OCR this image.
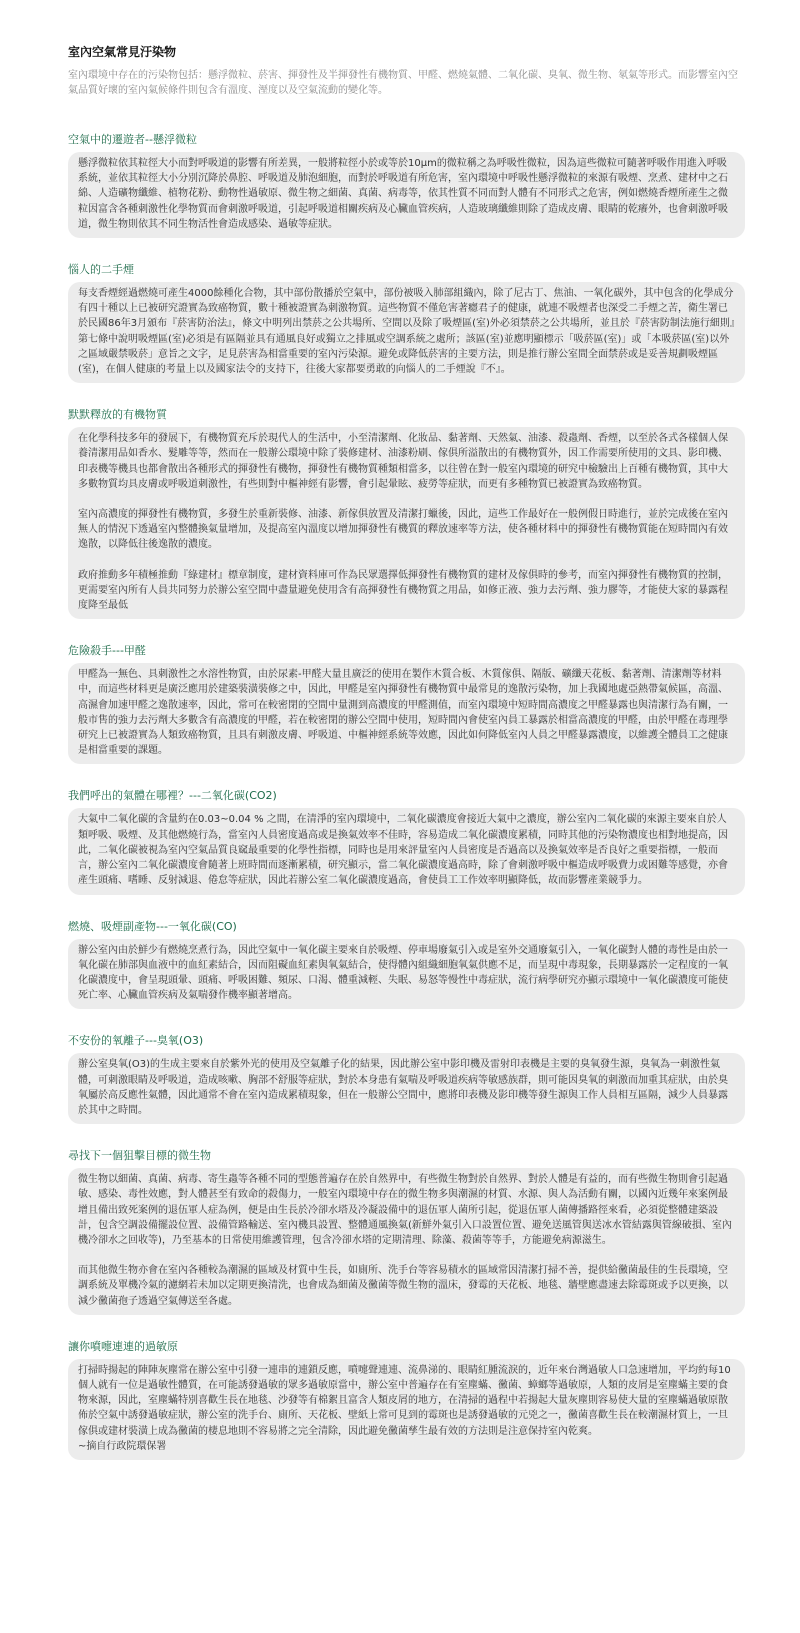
室內空氣常見汙染物
室內環境中存在的污染物包括：懸浮微粒、菸害、揮發性及半揮發性有機物質、甲醛、燃燒氣體、二氧化碳、臭氧、微生物、氡氣等形式。而影響室內空氣品質好壞的室內氣候條件則包含有溫度、溼度以及空氣流動的變化等。
空氣中的遷遊者--懸浮微粒

懸浮微粒依其粒徑大小而對呼吸道的影響有所差異，一般將粒徑小於或等於10μm的微粒稱之為呼吸性微粒，因為這些微粒可隨著呼吸作用進入呼吸系統，並依其粒徑大小分別沉降於鼻腔、呼吸道及肺泡細胞，而對於呼吸道有所危害，室內環境中呼吸性懸浮微粒的來源有吸煙、烹煮、建材中之石綿、人造礦物纖維、植物花粉、動物性過敏原、微生物之細菌、真菌、病毒等，依其性質不同而對人體有不同形式之危害，例如燃燒香煙所產生之微粒因富含各種刺激性化學物質而會刺激呼吸道，引起呼吸道相關疾病及心臟血管疾病，人造玻璃纖維則除了造成皮膚、眼睛的乾癢外，也會刺激呼吸道，微生物則依其不同生物活性會造成感染、過敏等症狀。

惱人的二手煙

每支香煙經過燃燒可產生4000餘種化合物，其中部份散播於空氣中，部份被吸入肺部組織內，除了尼古丁、焦油、一氧化碳外，其中包含的化學成分有四十種以上已被研究證實為致癌物質，數十種被證實為刺激物質。這些物質不僅危害著癮君子的健康，就連不吸煙者也深受二手煙之苦，衛生署已於民國86年3月頒布『菸害防治法』，條文中明列出禁菸之公共場所、空間以及除了吸煙區(室)外必須禁菸之公共場所，並且於『菸害防制法施行細則』第七條中說明吸煙區(室)必須是有區隔並具有通風良好或獨立之排風或空調系統之處所；該區(室)並應明顯標示「吸菸區(室)」或「本吸菸區(室)以外之區域嚴禁吸菸」意旨之文字，足見菸害為相當重要的室內污染源。避免或降低菸害的主要方法，則是推行辦公室間全面禁菸或是妥善規劃吸煙區(室)，在個人健康的考量上以及國家法令的支持下，往後大家都要勇敢的向惱人的二手煙說『不』。

默默釋放的有機物質

在化學科技多年的發展下，有機物質充斥於現代人的生活中，小至清潔劑、化妝品、黏著劑、天然氣、油漆、殺蟲劑、香煙，以至於各式各樣個人保養清潔用品如香水、髮雕等等，然而在一般辦公環境中除了裝修建材、油漆粉刷、傢俱所溢散出的有機物質外，因工作需要所使用的文具、影印機、印表機等機具也都會散出各種形式的揮發性有機物，揮發性有機物質種類相當多，以往曾在對一般室內環境的研究中檢驗出上百種有機物質，其中大多數物質均具皮膚或呼吸道刺激性，有些則對中樞神經有影響，會引起暈眩、疲勞等症狀，而更有多種物質已被證實為致癌物質。

室內高濃度的揮發性有機物質，多發生於重新裝修、油漆、新傢俱放置及清潔打蠟後，因此，這些工作最好在一般例假日時進行，並於完成後在室內無人的情況下透過室內整體換氣量增加，及提高室內溫度以增加揮發性有機質的釋放速率等方法，使各種材料中的揮發性有機物質能在短時間內有效逸散，以降低往後逸散的濃度。

政府推動多年積極推動『綠建材』標章制度，建材資料庫可作為民眾選擇低揮發性有機物質的建材及傢俱時的參考，而室內揮發性有機物質的控制，更需要室內所有人員共同努力於辦公室空間中盡量避免使用含有高揮發性有機物質之用品，如修正液、強力去污劑、強力膠等，才能使大家的暴露程度降至最低

危險殺手---甲醛

甲醛為一無色、具刺激性之水溶性物質，由於尿素-甲醛大量且廣泛的使用在製作木質合板、木質傢俱、隔版、礦纖天花板、黏著劑、清潔劑等材料中，而這些材料更是廣泛應用於建築裝潢裝修之中，因此，甲醛是室內揮發性有機物質中最常見的逸散污染物，加上我國地處亞熱帶氣候區，高溫、高濕會加速甲醛之逸散速率，因此，常可在較密閉的空間中量測到高濃度的甲醛測值，而室內環境中短時間高濃度之甲醛暴露也與清潔行為有關，一般市售的強力去污劑大多數含有高濃度的甲醛，若在較密閉的辦公空間中使用，短時間內會使室內員工暴露於相當高濃度的甲醛，由於甲醛在毒理學研究上已被證實為人類致癌物質，且具有刺激皮膚、呼吸道、中樞神經系統等效應，因此如何降低室內人員之甲醛暴露濃度，以維護全體員工之健康是相當重要的課題。

我們呼出的氣體在哪裡？---二氧化碳(CO2)

大氣中二氧化碳的含量約在0.03~0.04 % 之間，在清淨的室內環境中，二氧化碳濃度會接近大氣中之濃度，辦公室內二氧化碳的來源主要來自於人類呼吸、吸煙、及其他燃燒行為，當室內人員密度過高或是換氣效率不佳時，容易造成二氧化碳濃度累積，同時其他的污染物濃度也相對地提高，因此，二氧化碳被視為室內空氣品質良窳最重要的化學性指標，同時也是用來評量室內人員密度是否過高以及換氣效率是否良好之重要指標，一般而言，辦公室內二氧化碳濃度會隨著上班時間而逐漸累積，研究顯示，當二氧化碳濃度過高時，除了會刺激呼吸中樞造成呼吸費力或困難等感覺，亦會產生頭痛、嗜睡、反射減退、倦怠等症狀，因此若辦公室二氧化碳濃度過高，會使員工工作效率明顯降低，故而影響產業競爭力。

燃燒、吸煙副產物---一氧化碳(CO)

辦公室內由於鮮少有燃燒烹煮行為，因此空氣中一氧化碳主要來自於吸煙、停車場廢氣引入或是室外交通廢氣引入，一氧化碳對人體的毒性是由於一氧化碳在肺部與血液中的血紅素結合，因而阻礙血紅素與氧氣結合，使得體內組織細胞氧氣供應不足，而呈現中毒現象，長期暴露於一定程度的一氧化碳濃度中，會呈現頭暈、頭痛、呼吸困難、頻尿、口渴、體重減輕、失眠、易怒等慢性中毒症狀，流行病學研究亦顯示環境中一氧化碳濃度可能使死亡率、心臟血管疾病及氣喘發作機率顯著增高。

不安份的氧離子---臭氧(O3)

辦公室臭氧(O3)的生成主要來自於紫外光的使用及空氣離子化的結果，因此辦公室中影印機及雷射印表機是主要的臭氧發生源，臭氧為一刺激性氣體，可刺激眼睛及呼吸道，造成咳嗽、胸部不舒服等症狀，對於本身患有氣喘及呼吸道疾病等敏感族群，則可能因臭氧的刺激而加重其症狀，由於臭氧屬於高反應性氣體，因此通常不會在室內造成累積現象，但在一般辦公空間中，應將印表機及影印機等發生源與工作人員相互區隔，減少人員暴露於其中之時間。

尋找下一個狙擊目標的微生物

微生物以細菌、真菌、病毒、寄生蟲等各種不同的型態普遍存在於自然界中，有些微生物對於自然界、對於人體是有益的，而有些微生物則會引起過敏、感染、毒性效應，對人體甚至有致命的殺傷力，一般室內環境中存在的微生物多與潮濕的材質、水源、與人為活動有關，以國內近幾年來案例最增且備出致死案例的退伍軍人症為例，便是由生長於冷卻水塔及冷凝設備中的退伍軍人菌所引起，從退伍軍人菌傳播路徑來看，必須從整體建築設計，包含空調設備擺設位置、設備管路輸送、室內機具設置、整體通風換氣(新鮮外氣引入口設置位置、避免送風管與送冰水管結露與管線破損、室內機冷卻水之回收等)，乃至基本的日常使用維護管理，包含冷卻水塔的定期清理、除藻、殺菌等等手，方能避免病源滋生。

而其他微生物亦會在室內各種較為潮濕的區域及材質中生長，如廁所、洗手台等容易積水的區域常因清潔打掃不善，提供給黴菌最佳的生長環境，空調系統及單機冷氣的濾網若未加以定期更換清洗，也會成為細菌及黴菌等微生物的溫床，發霉的天花板、地毯、牆壁應盡速去除霉斑或予以更換，以減少黴菌孢子透過空氣傳送至各處。

讓你噴嚏連連的過敏原

打掃時揚起的陣陣灰塵常在辦公室中引發一連串的連鎖反應，噴嚏聲連連、流鼻涕的、眼睛紅腫流淚的，近年來台灣過敏人口急速增加，平均約每10個人就有一位是過敏性體質，在可能誘發過敏的眾多過敏原當中，辦公室中普遍存在有室塵蟎、黴菌、蟑螂等過敏原，人類的皮屑是室塵蟎主要的食物來源，因此，室塵蟎特別喜歡生長在地毯、沙發等有棉絮且富含人類皮屑的地方，在清掃的過程中若揚起大量灰塵則容易使大量的室塵蟎過敏原散佈於空氣中誘發過敏症狀，辦公室的洗手台、廁所、天花板、壁紙上常可見到的霉斑也是誘發過敏的元兇之一，黴菌喜歡生長在較潮濕材質上，一旦傢俱或建材裝潢上成為黴菌的棲息地則不容易將之完全清除，因此避免黴菌孳生最有效的方法則是注意保持室內乾爽。

~摘自行政院環保署
